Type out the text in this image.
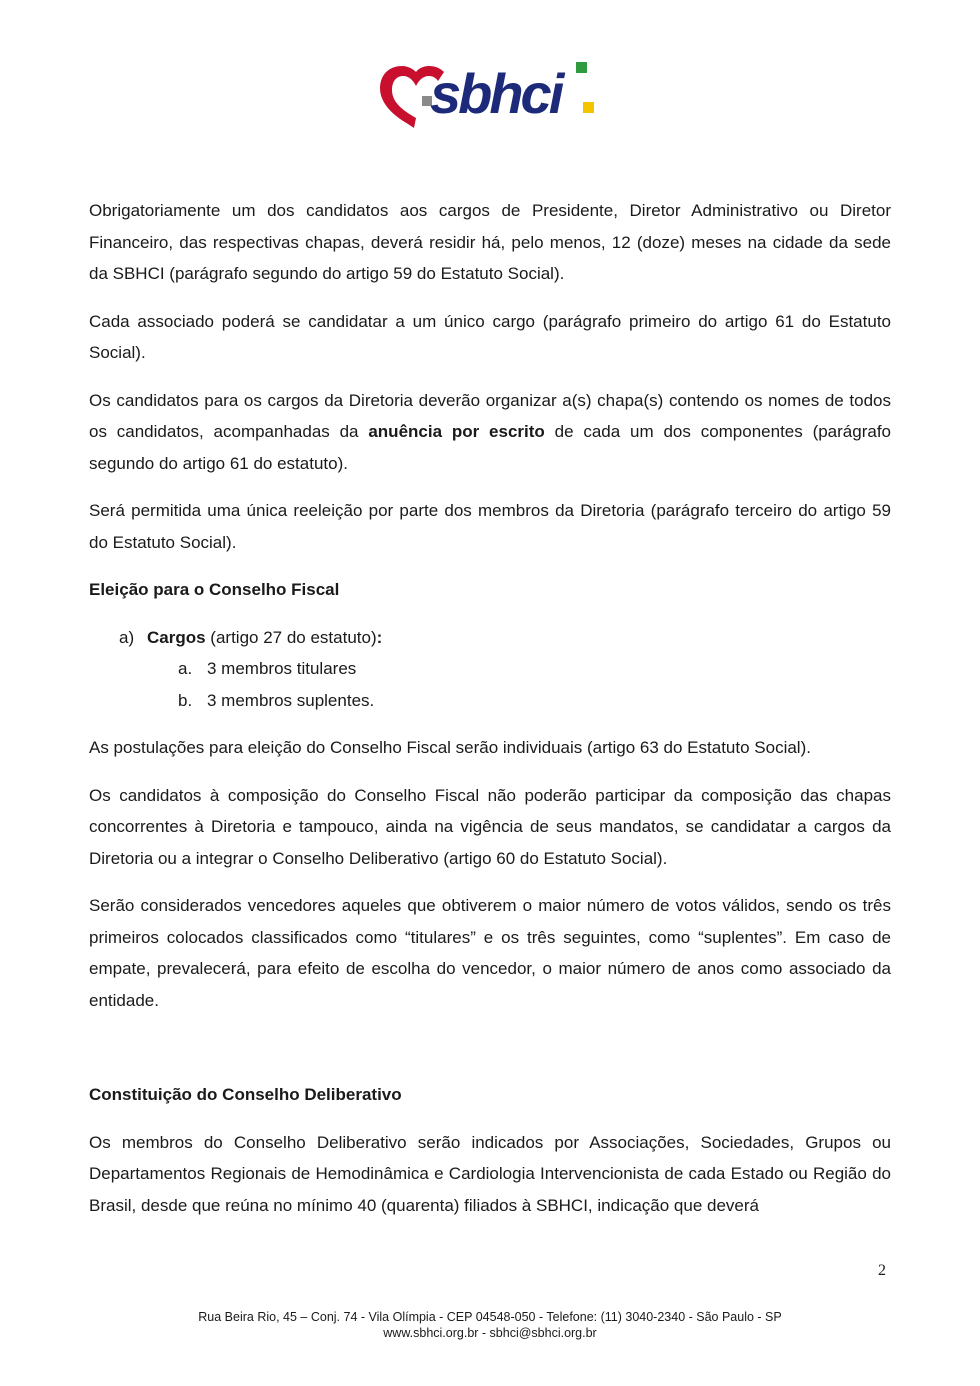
sbhci

Obrigatoriamente um dos candidatos aos cargos de Presidente, Diretor Administrativo ou Diretor Financeiro, das respectivas chapas, deverá residir há, pelo menos, 12 (doze) meses na cidade da sede da SBHCI (parágrafo segundo do artigo 59 do Estatuto Social).

Cada associado poderá se candidatar a um único cargo (parágrafo primeiro do artigo 61 do Estatuto Social).

Os candidatos para os cargos da Diretoria deverão organizar a(s) chapa(s) contendo os nomes de todos os candidatos, acompanhadas da anuência por escrito de cada um dos componentes (parágrafo segundo do artigo 61 do estatuto).

Será permitida uma única reeleição por parte dos membros da Diretoria (parágrafo terceiro do artigo 59 do Estatuto Social).

Eleição para o Conselho Fiscal
a) Cargos (artigo 27 do estatuto):
a. 3 membros titulares
b. 3 membros suplentes.

As postulações para eleição do Conselho Fiscal serão individuais (artigo 63 do Estatuto Social).

Os candidatos à composição do Conselho Fiscal não poderão participar da composição das chapas concorrentes à Diretoria e tampouco, ainda na vigência de seus mandatos, se candidatar a cargos da Diretoria ou a integrar o Conselho Deliberativo (artigo 60 do Estatuto Social).

Serão considerados vencedores aqueles que obtiverem o maior número de votos válidos, sendo os três primeiros colocados classificados como “titulares” e os três seguintes, como “suplentes”. Em caso de empate, prevalecerá, para efeito de escolha do vencedor, o maior número de anos como associado da entidade.

Constituição do Conselho Deliberativo

Os membros do Conselho Deliberativo serão indicados por Associações, Sociedades, Grupos ou Departamentos Regionais de Hemodinâmica e Cardiologia Intervencionista de cada Estado ou Região do Brasil, desde que reúna no mínimo 40 (quarenta) filiados à SBHCI, indicação que deverá

2
Rua Beira Rio, 45 – Conj. 74 - Vila Olímpia - CEP 04548-050 - Telefone: (11) 3040-2340 - São Paulo - SP
www.sbhci.org.br - sbhci@sbhci.org.br
